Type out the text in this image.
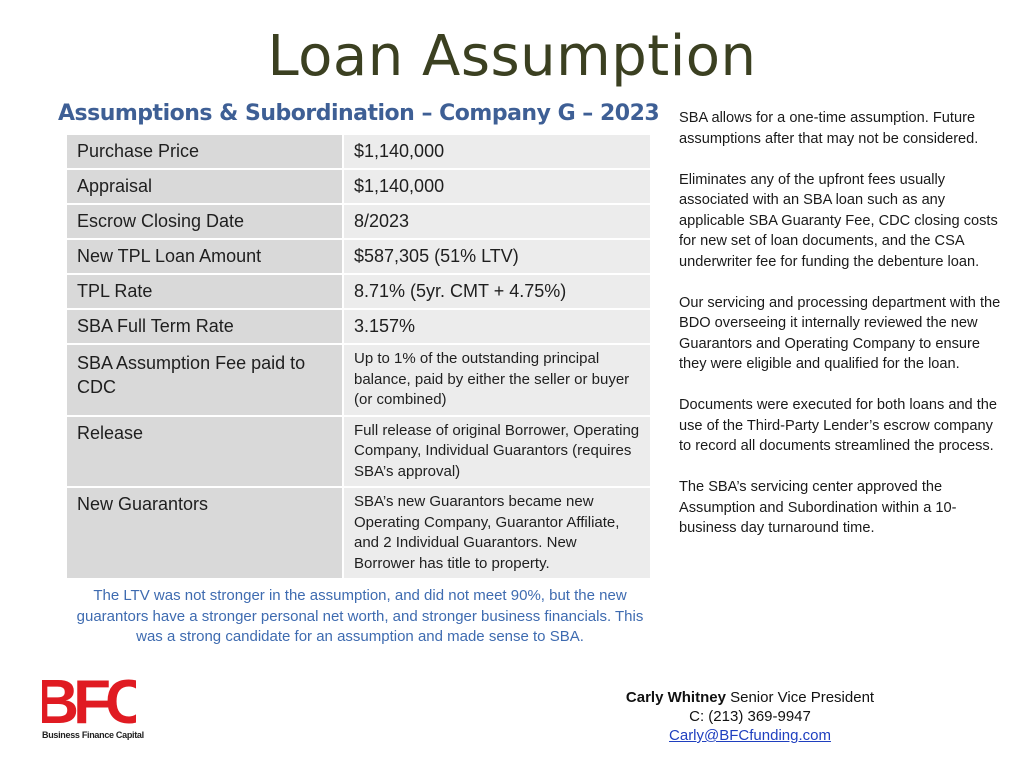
Loan Assumption
Assumptions & Subordination – Company G – 2023
Purchase Price	$1,140,000
Appraisal	$1,140,000
Escrow Closing Date	8/2023
New TPL Loan Amount	$587,305 (51% LTV)
TPL Rate	8.71% (5yr. CMT + 4.75%)
SBA Full Term Rate	3.157%
SBA Assumption Fee paid to CDC	Up to 1% of the outstanding principal balance, paid by either the seller or buyer (or combined)
Release	Full release of original Borrower, Operating Company, Individual Guarantors (requires SBA’s approval)
New Guarantors	SBA’s new Guarantors became new Operating Company, Guarantor Affiliate, and 2 Individual Guarantors. New Borrower has title to property.
The LTV was not stronger in the assumption, and did not meet 90%, but the new guarantors have a stronger personal net worth, and stronger business financials. This was a strong candidate for an assumption and made sense to SBA.

SBA allows for a one-time assumption. Future assumptions after that may not be considered.

Eliminates any of the upfront fees usually associated with an SBA loan such as any applicable SBA Guaranty Fee, CDC closing costs for new set of loan documents, and the CSA underwriter fee for funding the debenture loan.

Our servicing and processing department with the BDO overseeing it internally reviewed the new Guarantors and Operating Company to ensure they were eligible and qualified for the loan.

Documents were executed for both loans and the use of the Third-Party Lender’s escrow company to record all documents streamlined the process.

The SBA’s servicing center approved the Assumption and Subordination within a 10-business day turnaround time.

BFC
Business Finance Capital
Carly Whitney Senior Vice President
C: (213) 369-9947
Carly@BFCfunding.com
